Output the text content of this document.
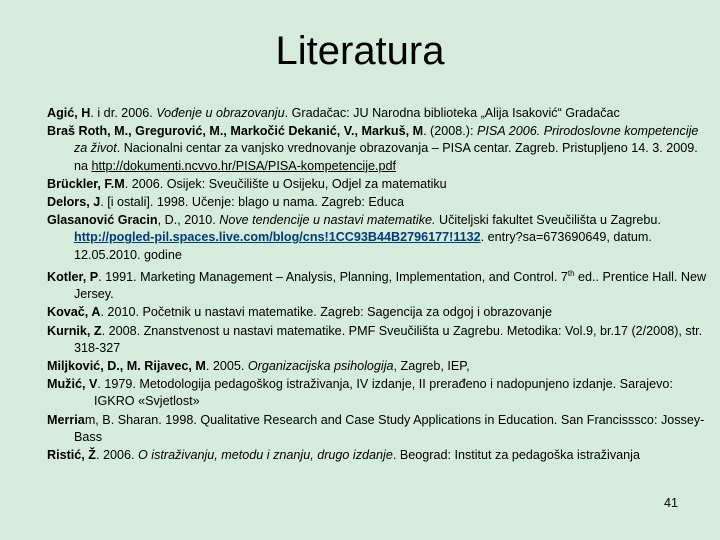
Literatura
Agić, H. i dr. 2006. Vođenje u obrazovanju. Gradačac: JU Narodna biblioteka „Alija Isaković“ Gradačac
Braš Roth, M., Gregurović, M., Markočić Dekanić, V., Markuš, M. (2008.): PISA 2006. Prirodoslovne kompetencije za život. Nacionalni centar za vanjsko vrednovanje obrazovanja – PISA centar. Zagreb. Pristupljeno 14. 3. 2009. na http://dokumenti.ncvvo.hr/PISA/PISA-kompetencije.pdf
Brückler, F.M. 2006. Osijek: Sveučilište u Osijeku, Odjel za matematiku
Delors, J. [i ostali]. 1998. Učenje: blago u nama. Zagreb: Educa
Glasanović Gracin, D., 2010. Nove tendencije u nastavi matematike. Učiteljski fakultet Sveučilišta u Zagrebu. http://pogled-pil.spaces.live.com/blog/cns!1CC93B44B2796177!1132. entry?sa=673690649, datum. 12.05.2010. godine
Kotler, P. 1991. Marketing Management – Analysis, Planning, Implementation, and Control. 7th ed.. Prentice Hall. New Jersey.
Kovač, A. 2010. Početnik u nastavi matematike. Zagreb: Sagencija za odgoj i obrazovanje
Kurnik, Z. 2008. Znanstvenost u nastavi matematike. PMF Sveučilišta u Zagrebu. Metodika: Vol.9, br.17 (2/2008), str. 318-327
Miljković, D., M. Rijavec, M. 2005. Organizacijska psihologija, Zagreb, IEP,
Mužić, V. 1979. Metodologija pedagoškog istraživanja, IV izdanje, II prerađeno i nadopunjeno izdanje. Sarajevo:
IGKRO «Svjetlost»
Merriam, B. Sharan. 1998. Qualitative Research and Case Study Applications in Education. San Francisssco: Jossey-Bass
Ristić, Ž. 2006. O istraživanju, metodu i znanju, drugo izdanje. Beograd: Institut za pedagoška istraživanja
41
